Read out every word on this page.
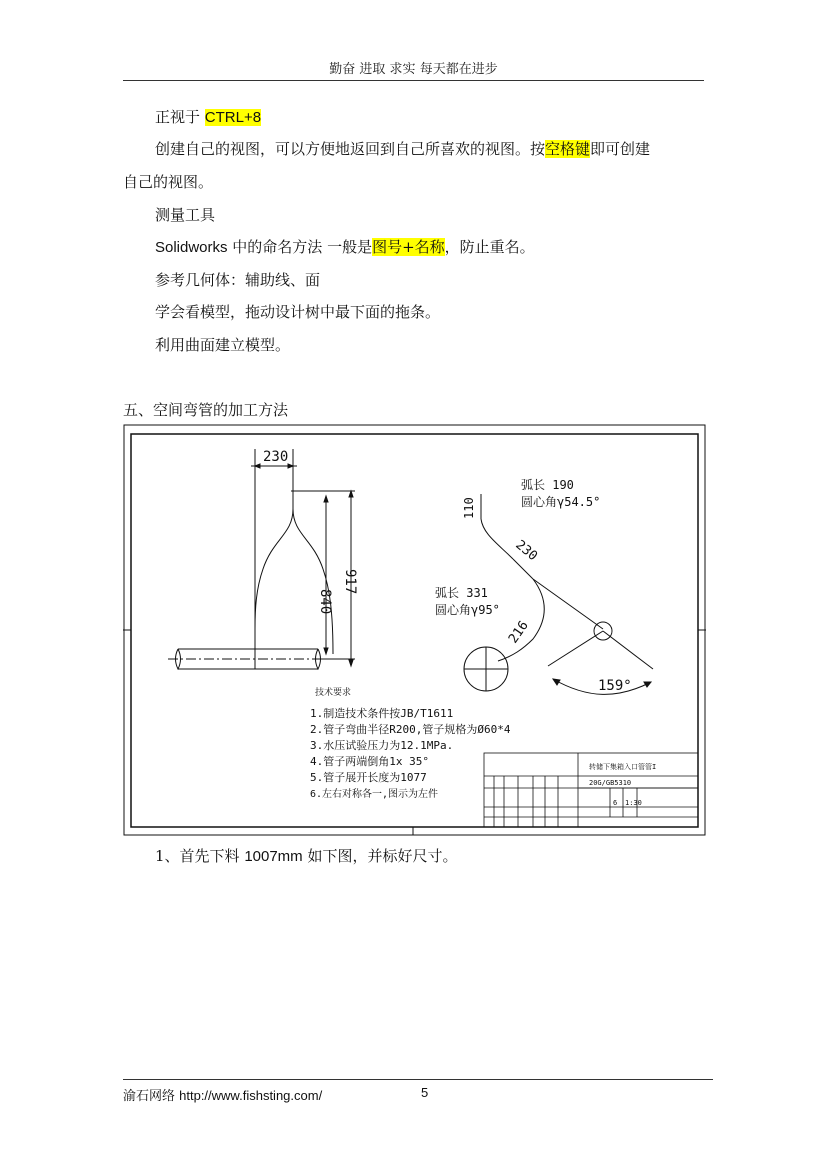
勤奋 进取 求实 每天都在进步
正视于 CTRL+8
创建自己的视图，可以方便地返回到自己所喜欢的视图。按空格键即可创建
自己的视图。
测量工具
Solidworks 中的命名方法 一般是图号+名称，防止重名。
参考几何体：辅助线、面
学会看模型，拖动设计树中最下面的拖条。
利用曲面建立模型。
五、空间弯管的加工方法
230
840
917
弧长 190
圆心角γ54.5°
110
230
弧长 331
圆心角γ95°
216
159°
技术要求
1.制造技术条件按JB/T1611
2.管子弯曲半径R200,管子规格为Ø60*4
3.水压试验压力为12.1MPa.
4.管子两端倒角1x 35°
5.管子展开长度为1077
6.左右对称各一,图示为左件
转储下集箱入口管管I
20G/GB5310
6 1:30
1、首先下料 1007mm 如下图，并标好尺寸。
渝石网络 http://www.fishsting.com/	5
